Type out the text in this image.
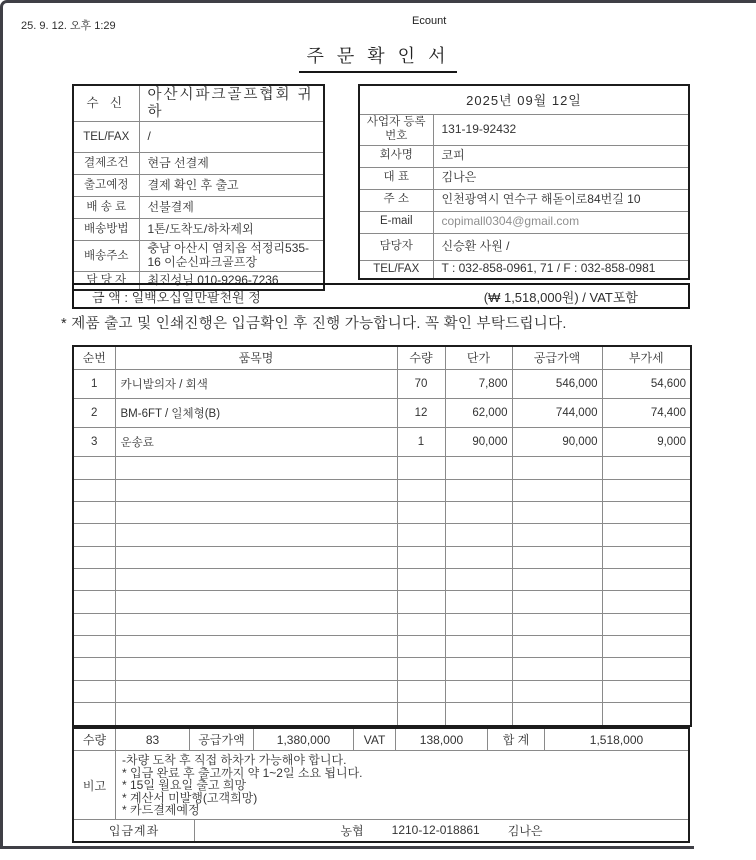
25. 9. 12. 오후 1:29	Ecount
주 문 확 인 서
수 신	아산시파크골프협회 귀하
TEL/FAX	/
결제조건	현금 선결제
출고예정	결제 확인 후 출고
배 송 료	선불결제
배송방법	1톤/도착도/하차제외
배송주소	충남 아산시 염치읍 석정리535-16 이순신파크골프장
담 당 자	최진성님 010-9296-7236
2025년 09월 12일	
사업자 등록번호	131-19-92432
회사명	코피
대 표	김나은
주 소	인천광역시 연수구 해돋이로84번길 10
E-mail	copimall0304@gmail.com
담당자	신승환 사원 /
TEL/FAX	T : 032-858-0961, 71 / F : 032-858-0981
금 액 : 일백오십일만팔천원 정	(₩ 1,518,000원) / VAT포함
* 제품 출고 및 인쇄진행은 입금확인 후 진행 가능합니다. 꼭 확인 부탁드립니다.
순번	품목명	수량	단가	공급가액	부가세
1	카니발의자 / 회색	70	7,800	546,000	54,600
2	BM-6FT / 일체형(B)	12	62,000	744,000	74,400
3	운송료	1	90,000	90,000	9,000

수량	83	공급가액	1,380,000	VAT	138,000	합 계	1,518,000
비고
-차량 도착 후 직접 하차가 가능해야 합니다.
* 입금 완료 후 출고까지 약 1~2일 소요 됩니다.
* 15일 월요일 출고 희망
* 계산서 미발행(고객희망)
* 카드결제예정
입금계좌	농협 1210-12-018861 김나은
